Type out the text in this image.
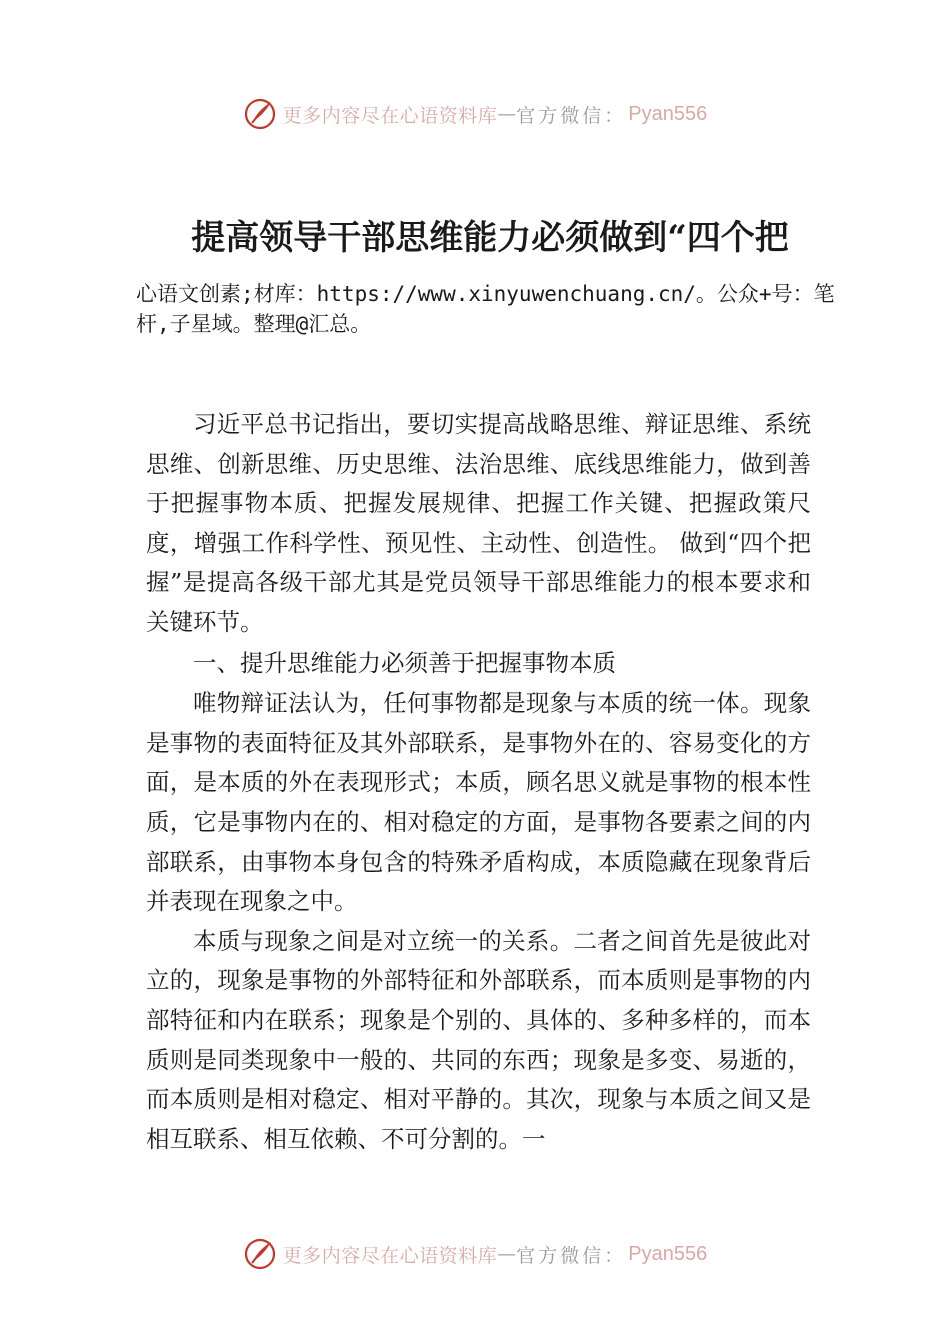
更多内容尽在心语资料库 — 官方微信： Pyan556
提高领导干部思维能力必须做到“四个把
心语文创素;材库：https://www.xinyuwenchuang.cn/。公众+号：笔杆,子星域。整理@汇总。

习近平总书记指出，要切实提高战略思维、辩证思维、系统思维、创新思维、历史思维、法治思维、底线思维能力，做到善于把握事物本质、把握发展规律、把握工作关键、把握政策尺度，增强工作科学性、预见性、主动性、创造性。 做到“四个把握”是提高各级干部尤其是党员领导干部思维能力的根本要求和关键环节。

一、提升思维能力必须善于把握事物本质

唯物辩证法认为，任何事物都是现象与本质的统一体。现象是事物的表面特征及其外部联系，是事物外在的、容易变化的方面，是本质的外在表现形式；本质，顾名思义就是事物的根本性质，它是事物内在的、相对稳定的方面，是事物各要素之间的内部联系，由事物本身包含的特殊矛盾构成，本质隐藏在现象背后并表现在现象之中。

本质与现象之间是对立统一的关系。二者之间首先是彼此对立的，现象是事物的外部特征和外部联系，而本质则是事物的内部特征和内在联系；现象是个别的、具体的、多种多样的，而本质则是同类现象中一般的、共同的东西；现象是多变、易逝的，而本质则是相对稳定、相对平静的。其次，现象与本质之间又是相互联系、相互依赖、不可分割的。一

更多内容尽在心语资料库 — 官方微信： Pyan556
